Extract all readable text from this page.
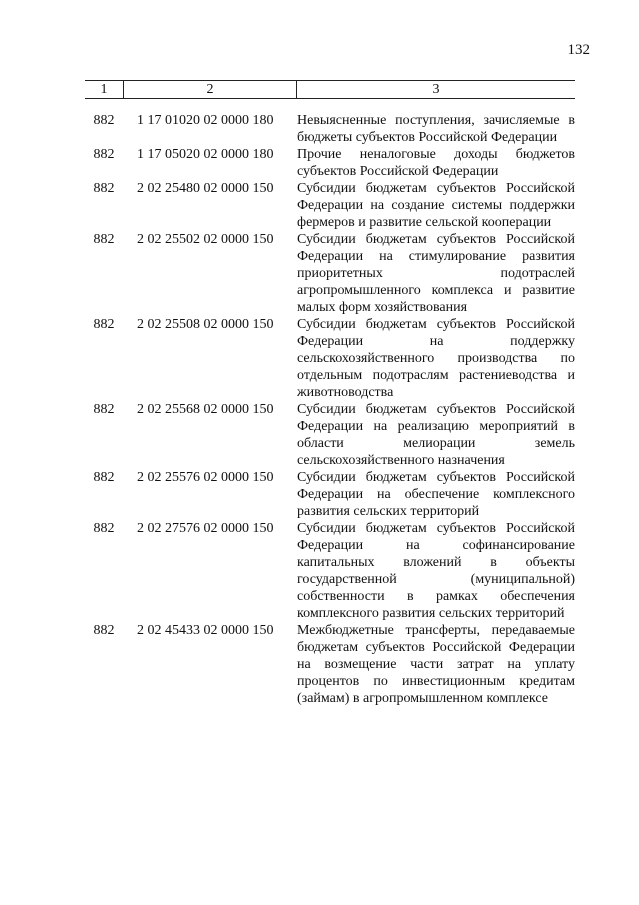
132
1	2	3
882	1 17 01020 02 0000 180	Невыясненные поступления, зачисляемые в бюджеты субъектов Российской Федерации
882	1 17 05020 02 0000 180	Прочие неналоговые доходы бюджетов субъектов Российской Федерации
882	2 02 25480 02 0000 150	Субсидии бюджетам субъектов Российской Федерации на создание системы поддержки фермеров и развитие сельской кооперации
882	2 02 25502 02 0000 150	Субсидии бюджетам субъектов Российской Федерации на стимулирование развития приоритетных подотраслей агропромышленного комплекса и развитие малых форм хозяйствования
882	2 02 25508 02 0000 150	Субсидии бюджетам субъектов Российской Федерации на поддержку сельскохозяйственного производства по отдельным подотраслям растениеводства и животноводства
882	2 02 25568 02 0000 150	Субсидии бюджетам субъектов Российской Федерации на реализацию мероприятий в области мелиорации земель сельскохозяйственного назначения
882	2 02 25576 02 0000 150	Субсидии бюджетам субъектов Российской Федерации на обеспечение комплексного развития сельских территорий
882	2 02 27576 02 0000 150	Субсидии бюджетам субъектов Российской Федерации на софинансирование капитальных вложений в объекты государственной (муниципальной) собственности в рамках обеспечения комплексного развития сельских территорий
882	2 02 45433 02 0000 150	Межбюджетные трансферты, передаваемые бюджетам субъектов Российской Федерации на возмещение части затрат на уплату процентов по инвестиционным кредитам (займам) в агропромышленном комплексе
